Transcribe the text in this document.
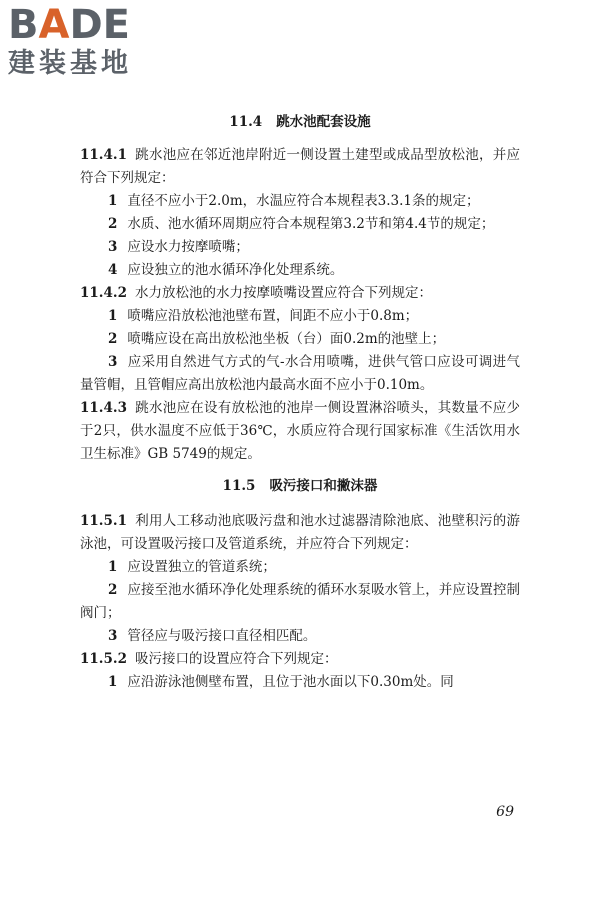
BADE
建装基地
11.4 跳水池配套设施

11.4.1 跳水池应在邻近池岸附近一侧设置土建型或成品型放松池，并应符合下列规定：

1 直径不应小于2.0m，水温应符合本规程表3.3.1条的规定；

2 水质、池水循环周期应符合本规程第3.2节和第4.4节的规定；

3 应设水力按摩喷嘴；

4 应设独立的池水循环净化处理系统。

11.4.2 水力放松池的水力按摩喷嘴设置应符合下列规定：

1 喷嘴应沿放松池池壁布置，间距不应小于0.8m；

2 喷嘴应设在高出放松池坐板（台）面0.2m的池壁上；

3 应采用自然进气方式的气-水合用喷嘴，进供气管口应设可调进气量管帽，且管帽应高出放松池内最高水面不应小于0.10m。

11.4.3 跳水池应在设有放松池的池岸一侧设置淋浴喷头，其数量不应少于2只，供水温度不应低于36℃，水质应符合现行国家标准《生活饮用水卫生标准》GB 5749的规定。

11.5 吸污接口和撇沫器

11.5.1 利用人工移动池底吸污盘和池水过滤器清除池底、池壁积污的游泳池，可设置吸污接口及管道系统，并应符合下列规定：

1 应设置独立的管道系统；

2 应接至池水循环净化处理系统的循环水泵吸水管上，并应设置控制阀门；

3 管径应与吸污接口直径相匹配。

11.5.2 吸污接口的设置应符合下列规定：

1 应沿游泳池侧壁布置，且位于池水面以下0.30m处。同

69
